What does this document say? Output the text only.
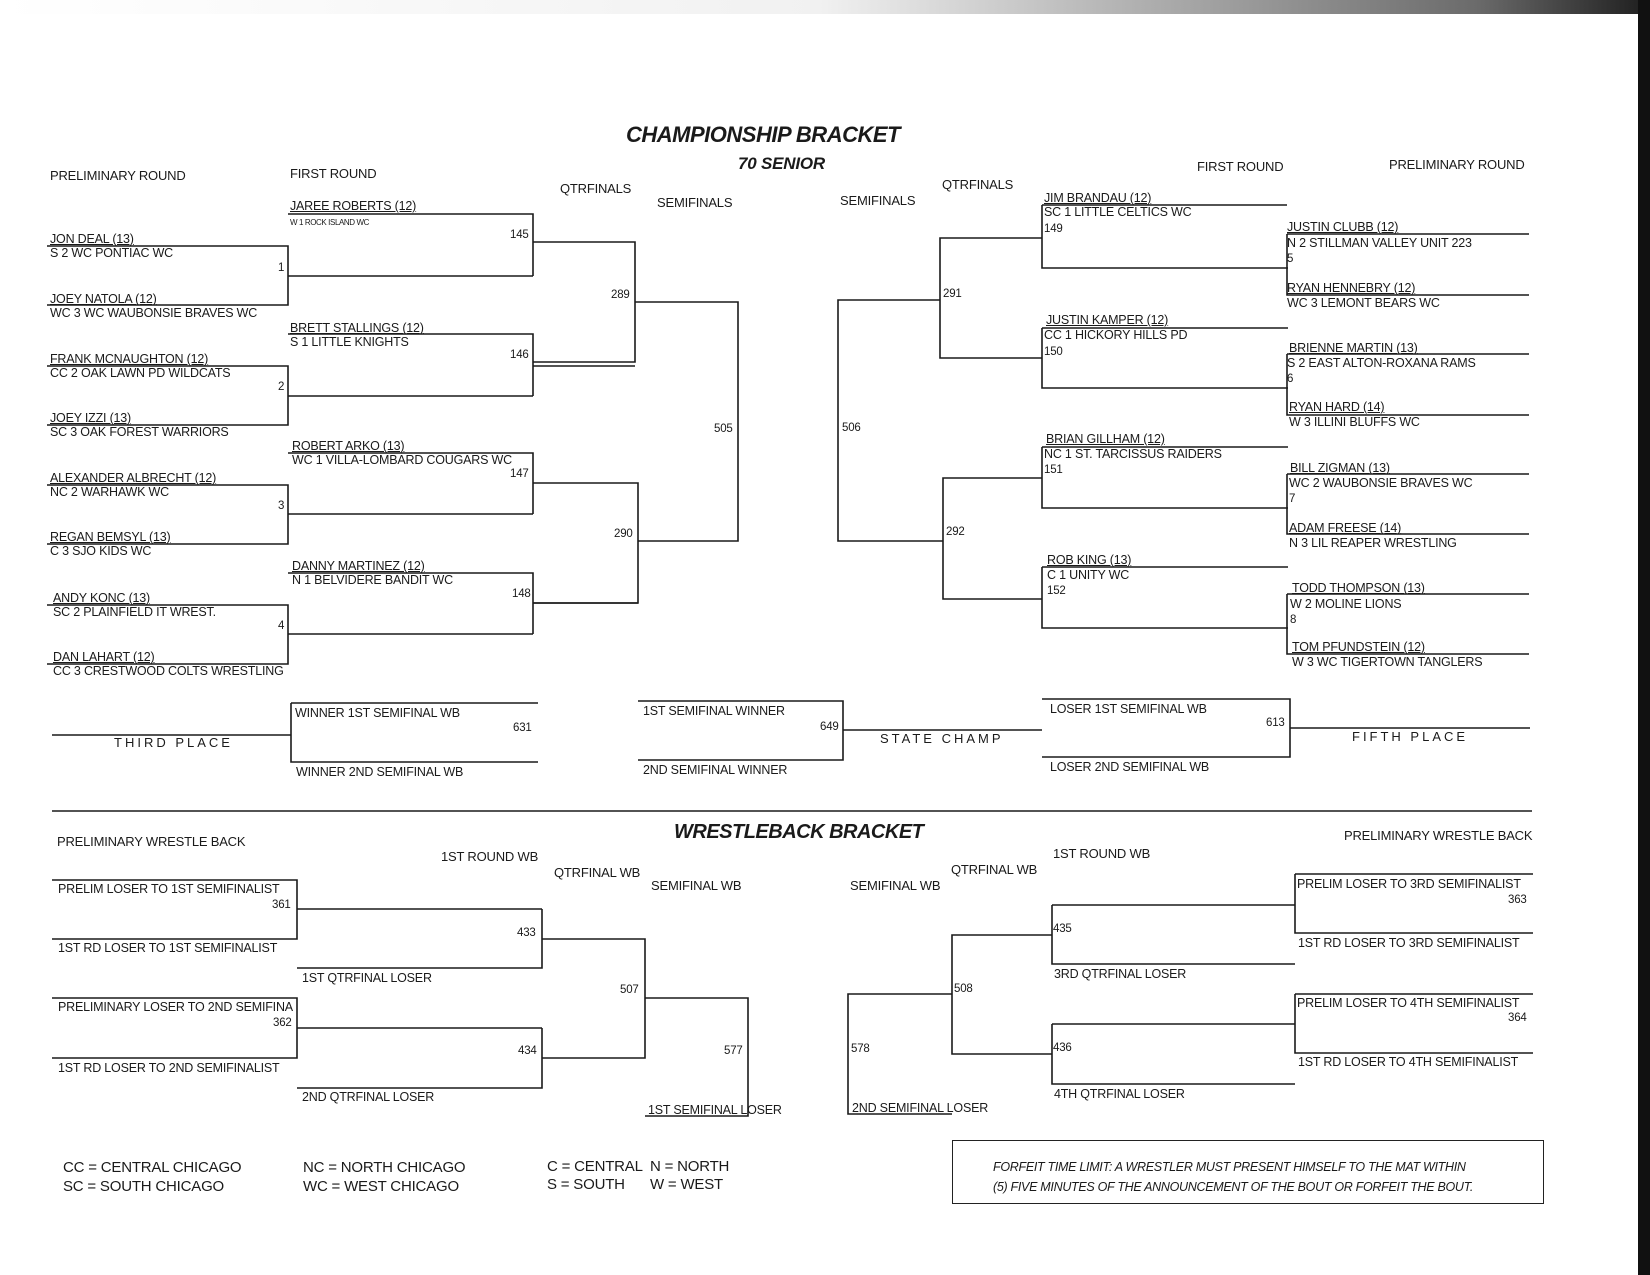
CHAMPIONSHIP BRACKET
70 SENIOR
PRELIMINARY ROUND	FIRST ROUND
QTRFINALS
SEMIFINALS	SEMIFINALS
QTRFINALS
FIRST ROUND	PRELIMINARY ROUND
JON DEAL (13)
S 2 WC PONTIAC WC
JOEY NATOLA (12)
WC 3 WC WAUBONSIE BRAVES WC
FRANK MCNAUGHTON (12)
CC 2 OAK LAWN PD WILDCATS
JOEY IZZI (13)
SC 3 OAK FOREST WARRIORS
ALEXANDER ALBRECHT (12)
NC 2 WARHAWK WC
REGAN BEMSYL (13)
C 3 SJO KIDS WC
ANDY KONC (13)
SC 2 PLAINFIELD IT WREST.
DAN LAHART (12)
CC 3 CRESTWOOD COLTS WRESTLING
1
2
3
4
JAREE ROBERTS (12)
W 1 ROCK ISLAND WC
BRETT STALLINGS (12)
S 1 LITTLE KNIGHTS
ROBERT ARKO (13)
WC 1 VILLA-LOMBARD COUGARS WC
DANNY MARTINEZ (12)
N 1 BELVIDERE BANDIT WC
145
146
147
148
289
290
505
JIM BRANDAU (12)
SC 1 LITTLE CELTICS WC
149
JUSTIN KAMPER (12)
CC 1 HICKORY HILLS PD
150
BRIAN GILLHAM (12)
NC 1 ST. TARCISSUS RAIDERS
151
ROB KING (13)
C 1 UNITY WC
152
JUSTIN CLUBB (12)
N 2 STILLMAN VALLEY UNIT 223
5
RYAN HENNEBRY (12)
WC 3 LEMONT BEARS WC
BRIENNE MARTIN (13)
S 2 EAST ALTON-ROXANA RAMS
6
RYAN HARD (14)
W 3 ILLINI BLUFFS WC
BILL ZIGMAN (13)
WC 2 WAUBONSIE BRAVES WC
7
ADAM FREESE (14)
N 3 LIL REAPER WRESTLING
TODD THOMPSON (13)
W 2 MOLINE LIONS
8
TOM PFUNDSTEIN (12)
W 3 WC TIGERTOWN TANGLERS
291
292
506
THIRD PLACE
WINNER 1ST SEMIFINAL WB
WINNER 2ND SEMIFINAL WB
631
1ST SEMIFINAL WINNER
2ND SEMIFINAL WINNER
STATE CHAMP
649
LOSER 1ST SEMIFINAL WB
LOSER 2ND SEMIFINAL WB
613
FIFTH PLACE
WRESTLEBACK BRACKET
PRELIMINARY WRESTLE BACK
1ST ROUND WB
QTRFINAL WB
SEMIFINAL WB	SEMIFINAL WB
QTRFINAL WB
1ST ROUND WB
PRELIMINARY WRESTLE BACK
PRELIM LOSER TO 1ST SEMIFINALIST
361
1ST RD LOSER TO 1ST SEMIFINALIST
PRELIMINARY LOSER TO 2ND SEMIFINA
362
1ST RD LOSER TO 2ND SEMIFINALIST
1ST QTRFINAL LOSER
2ND QTRFINAL LOSER
433
434
507
1ST SEMIFINAL LOSER
577
PRELIM LOSER TO 3RD SEMIFINALIST
363
1ST RD LOSER TO 3RD SEMIFINALIST
PRELIM LOSER TO 4TH SEMIFINALIST
364
1ST RD LOSER TO 4TH SEMIFINALIST
435
436
3RD QTRFINAL LOSER
4TH QTRFINAL LOSER
508
578
2ND SEMIFINAL LOSER
CC = CENTRAL CHICAGO
SC = SOUTH CHICAGO
NC = NORTH CHICAGO
WC = WEST CHICAGO
C = CENTRAL
S = SOUTH
N = NORTH
W = WEST

FORFEIT TIME LIMIT: A WRESTLER MUST PRESENT HIMSELF TO THE MAT WITHIN
(5) FIVE MINUTES OF THE ANNOUNCEMENT OF THE BOUT OR FORFEIT THE BOUT.
